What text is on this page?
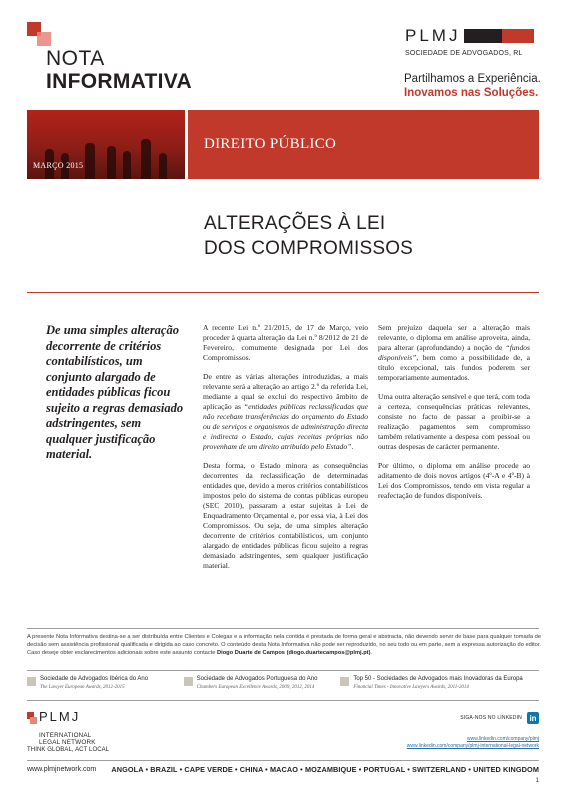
NOTA
INFORMATIVA
PLMJ
SOCIEDADE DE ADVOGADOS, RL
Partilhamos a Experiência.
Inovamos nas Soluções.
MARÇO 2015
DIREITO PÚBLICO
ALTERAÇÕES À LEI
DOS COMPROMISSOS
De uma simples alteração decorrente de critérios contabilísticos, um conjunto alargado de entidades públicas ficou sujeito a regras demasiado adstringentes, sem qualquer justificação material.

A recente Lei n.º 21/2015, de 17 de Março, veio proceder à quarta alteração da Lei n.º 8/2012 de 21 de Fevereiro, comumente designada por Lei dos Compromissos.

De entre as várias alterações introduzidas, a mais relevante será a alteração ao artigo 2.º da referida Lei, mediante a qual se exclui do respectivo âmbito de aplicação as “entidades públicas reclassificadas que não recebam transferências do orçamento do Estado ou de serviços e organismos de administração directa e indirecta o Estado, cujas receitas próprias não provenham de um direito atribuído pelo Estado”.

Desta forma, o Estado minora as consequências decorrentes da reclassificação de determinadas entidades que, devido a meros critérios contabilísticos impostos pelo do sistema de contas públicas europeu (SEC 2010), passaram a estar sujeitas à Lei de Enquadramento Orçamental e, por essa via, à Lei dos Compromissos. Ou seja, de uma simples alteração decorrente de critérios contabilísticos, um conjunto alargado de entidades públicas ficou sujeito a regras demasiado adstringentes, sem qualquer justificação material.

Sem prejuízo daquela ser a alteração mais relevante, o diploma em análise aproveita, ainda, para alterar (aprofundando) a noção de “fundos disponíveis”, bem como a possibilidade de, a título excepcional, tais fundos poderem ser temporariamente aumentados.

Uma outra alteração sensível e que terá, com toda a certeza, consequências práticas relevantes, consiste no facto de passar a proibir-se a realização pagamentos sem compromisso também relativamente a despesa com pessoal ou outras despesas de carácter permanente.

Por último, o diploma em análise procede ao aditamento de dois novos artigos (4º-A e 4º-B) à Lei dos Compromissos, tendo em vista regular a reafectação de fundos disponíveis.

A presente Nota Informativa destina-se a ser distribuída entre Clientes e Colegas e a informação nela contida é prestada de forma geral e abstracta, não devendo servir de base para qualquer tomada de decisão sem assistência profissional qualificada e dirigida ao caso concreto. O conteúdo desta Nota Informativa não pode ser reproduzido, no seu todo ou em parte, sem a expressa autorização do editor. Caso deseje obter esclarecimentos adicionais sobre este assunto contacte Diogo Duarte de Campos (diogo.duartecampos@plmj.pt).
Sociedade de Advogados Ibérica do Ano
The Lawyer European Awards, 2012-2015
Sociedade de Advogados Portuguesa do Ano
Chambers European Excellence Awards, 2009, 2012, 2014
Top 50 - Sociedades de Advogados mais Inovadoras da Europa
Financial Times - Innovative Lawyers Awards, 2011-2014
PLMJ
INTERNATIONAL
LEGAL NETWORK
THINK GLOBAL, ACT LOCAL
SIGA-NOS NO LINKEDIN in
www.linkedin.com/company/plmj
www.linkedin.com/company/plmj-international-legal-network
www.plmjnetwork.com ANGOLA • BRAZIL • CAPE VERDE • CHINA • MACAO • MOZAMBIQUE • PORTUGAL • SWITZERLAND • UNITED KINGDOM
1
